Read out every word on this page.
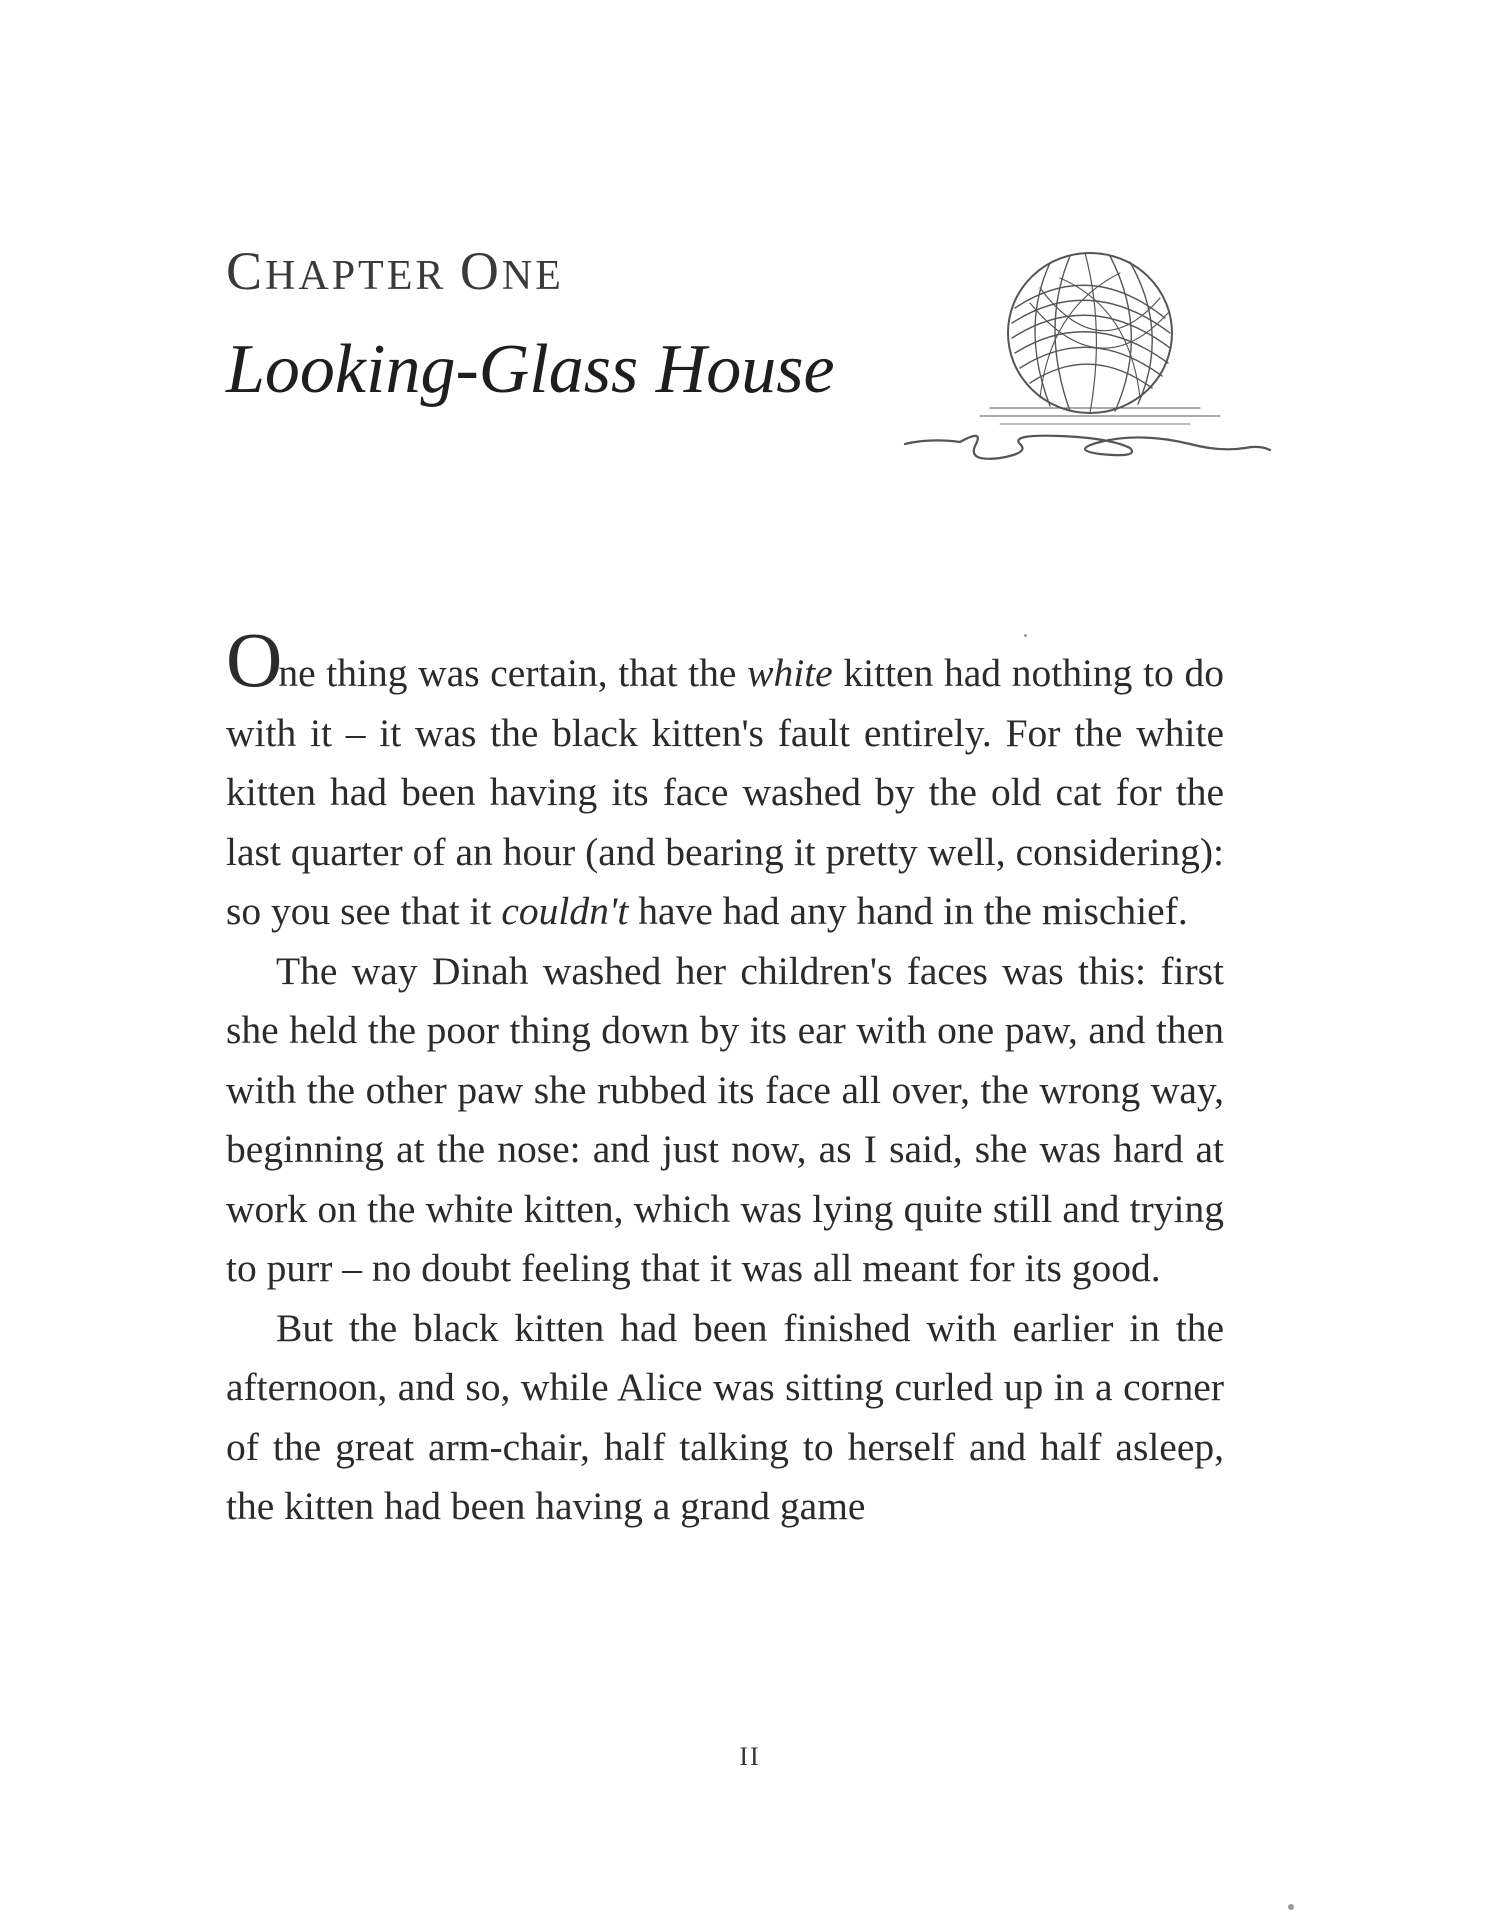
CHAPTER ONE
Looking-Glass House

One thing was certain, that the white kitten had nothing to do with it – it was the black kitten's fault entirely. For the white kitten had been having its face washed by the old cat for the last quarter of an hour (and bearing it pretty well, considering): so you see that it couldn't have had any hand in the mischief.

The way Dinah washed her children's faces was this: first she held the poor thing down by its ear with one paw, and then with the other paw she rubbed its face all over, the wrong way, beginning at the nose: and just now, as I said, she was hard at work on the white kitten, which was lying quite still and trying to purr – no doubt feeling that it was all meant for its good.

But the black kitten had been finished with earlier in the afternoon, and so, while Alice was sitting curled up in a corner of the great arm-chair, half talking to herself and half asleep, the kitten had been having a grand game

II
